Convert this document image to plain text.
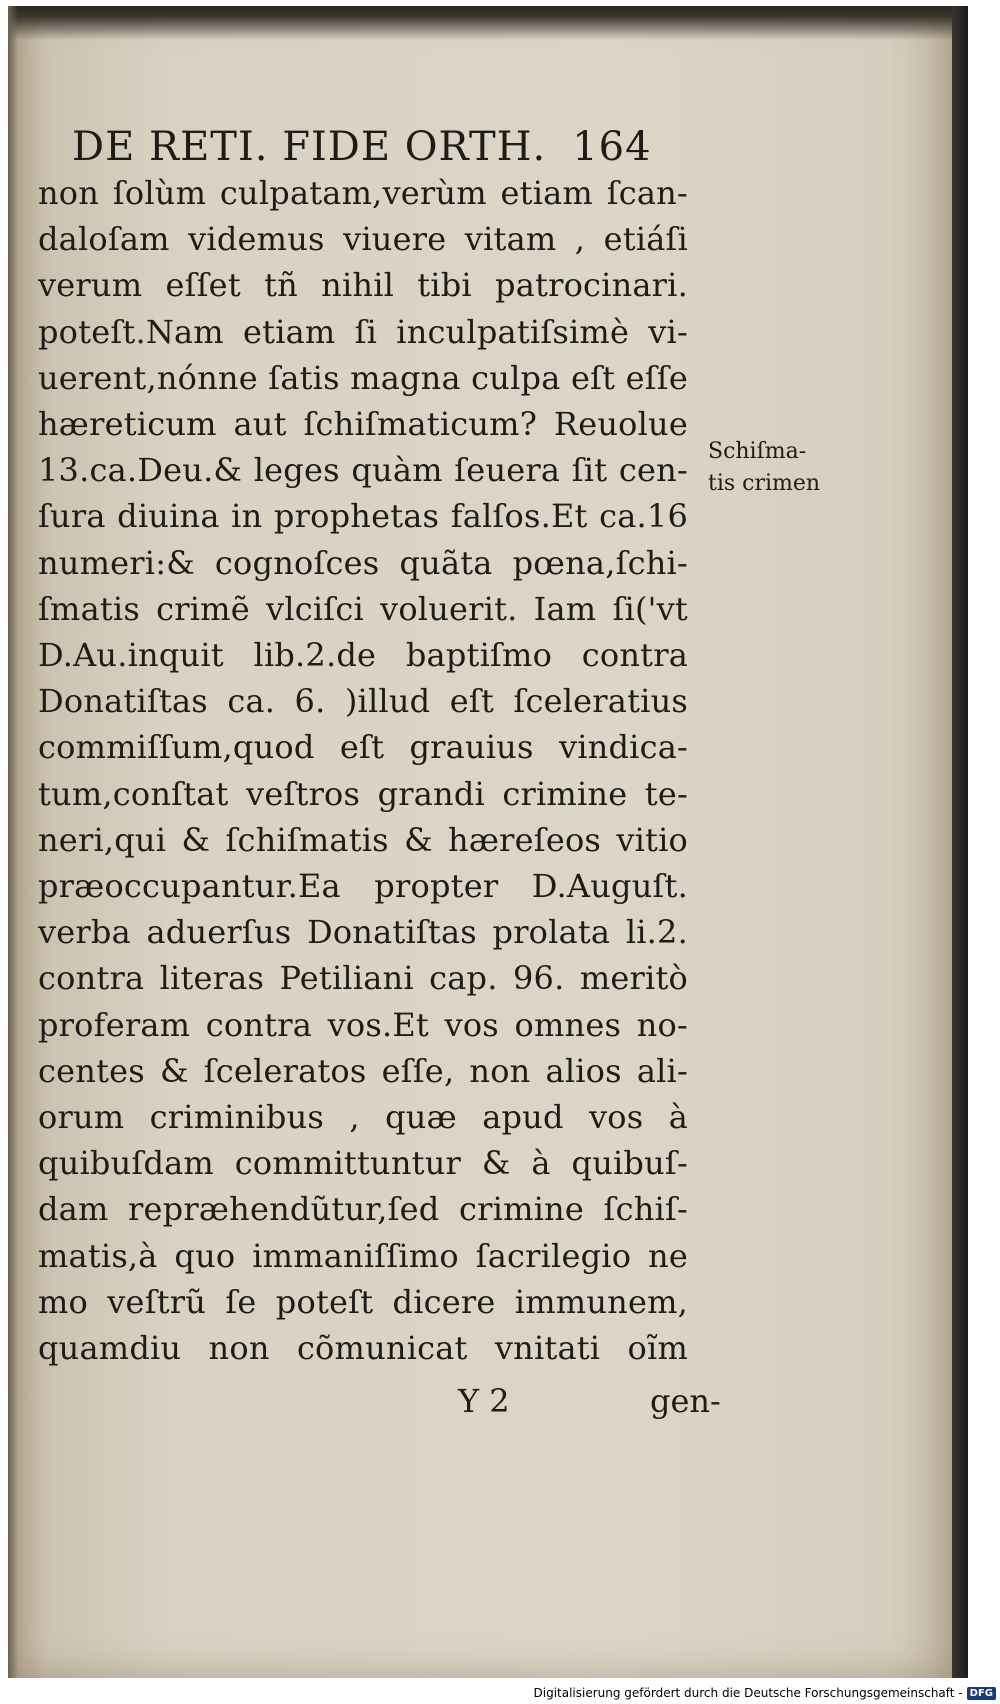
DE RETI. FIDE ORTH. 164
non ſolùm culpatam,verùm etiam ſcan-
daloſam videmus viuere vitam , etiáſi
verum eſſet tñ nihil tibi patrocinari.
poteſt.Nam etiam ſi inculpatiſsimè vi-
uerent,nónne ſatis magna culpa eſt eſſe
hæreticum aut ſchiſmaticum? Reuolue
13.ca.Deu.& leges quàm ſeuera ſit cen-
ſura diuina in prophetas falſos.Et ca.16
numeri:& cognoſces quãta pœna,ſchi-
ſmatis crimẽ vlciſci voluerit. Iam ſi('vt
D.Au.inquit lib.2.de baptiſmo contra
Donatiſtas ca. 6. )illud eſt ſceleratius
commiſſum,quod eſt grauius vindica-
tum,conſtat veſtros grandi crimine te-
neri,qui & ſchiſmatis & hæreſeos vitio
præoccupantur.Ea propter D.Auguſt.
verba aduerſus Donatiſtas prolata li.2.
contra literas Petiliani cap. 96. meritò
proferam contra vos.Et vos omnes no-
centes & ſceleratos eſſe, non alios ali-
orum criminibus , quæ apud vos à
quibuſdam committuntur & à quibuſ-
dam repræhendũtur,ſed crimine ſchiſ-
matis,à quo immaniſſimo ſacrilegio ne
mo veſtrũ ſe poteſt dicere immunem,
quamdiu non cõmunicat vnitati oĩm
Schiſma-
tis crimen
Y 2	gen-
Digitalisierung gefördert durch die Deutsche Forschungsgemeinschaft - DFG
